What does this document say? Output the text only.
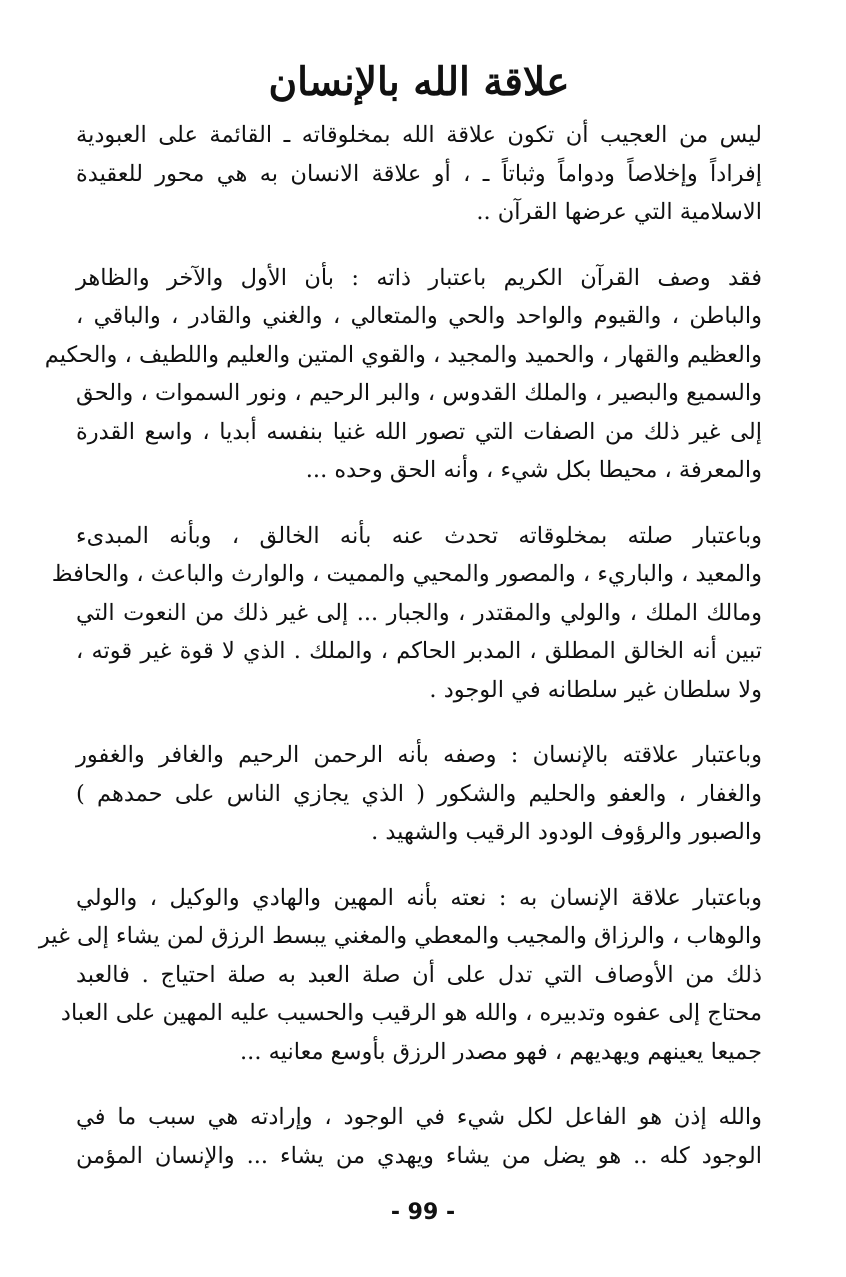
علاقة الله بالإنسان
ليس من العجيب أن تكون علاقة الله بمخلوقاته ـ القائمة على العبودية
إفراداً وإخلاصاً ودواماً وثباتاً ـ ، أو علاقة الانسان به هي محور للعقيدة
الاسلامية التي عرضها القرآن ..
فقد وصف القرآن الكريم باعتبار ذاته : بأن الأول والآخر والظاهر
والباطن ، والقيوم والواحد والحي والمتعالي ، والغني والقادر ، والباقي ،
والعظيم والقهار ، والحميد والمجيد ، والقوي المتين والعليم واللطيف ، والحكيم
والسميع والبصير ، والملك القدوس ، والبر الرحيم ، ونور السموات ، والحق
إلى غير ذلك من الصفات التي تصور الله غنيا بنفسه أبديا ، واسع القدرة
والمعرفة ، محيطا بكل شيء ، وأنه الحق وحده ...
وباعتبار صلته بمخلوقاته تحدث عنه بأنه الخالق ، وبأنه المبدىء
والمعيد ، والباريء ، والمصور والمحيي والمميت ، والوارث والباعث ، والحافظ
ومالك الملك ، والولي والمقتدر ، والجبار ... إلى غير ذلك من النعوت التي
تبين أنه الخالق المطلق ، المدبر الحاكم ، والملك . الذي لا قوة غير قوته ،
ولا سلطان غير سلطانه في الوجود .
وباعتبار علاقته بالإنسان : وصفه بأنه الرحمن الرحيم والغافر والغفور
والغفار ، والعفو والحليم والشكور ( الذي يجازي الناس على حمدهم )
والصبور والرؤوف الودود الرقيب والشهيد .
وباعتبار علاقة الإنسان به : نعته بأنه المهين والهادي والوكيل ، والولي
والوهاب ، والرزاق والمجيب والمعطي والمغني يبسط الرزق لمن يشاء إلى غير
ذلك من الأوصاف التي تدل على أن صلة العبد به صلة احتياج . فالعبد
محتاج إلى عفوه وتدبيره ، والله هو الرقيب والحسيب عليه المهين على العباد
جميعا يعينهم ويهديهم ، فهو مصدر الرزق بأوسع معانيه ...
والله إذن هو الفاعل لكل شيء في الوجود ، وإرادته هي سبب ما في
الوجود كله .. هو يضل من يشاء ويهدي من يشاء ... والإنسان المؤمن
- 99 -
